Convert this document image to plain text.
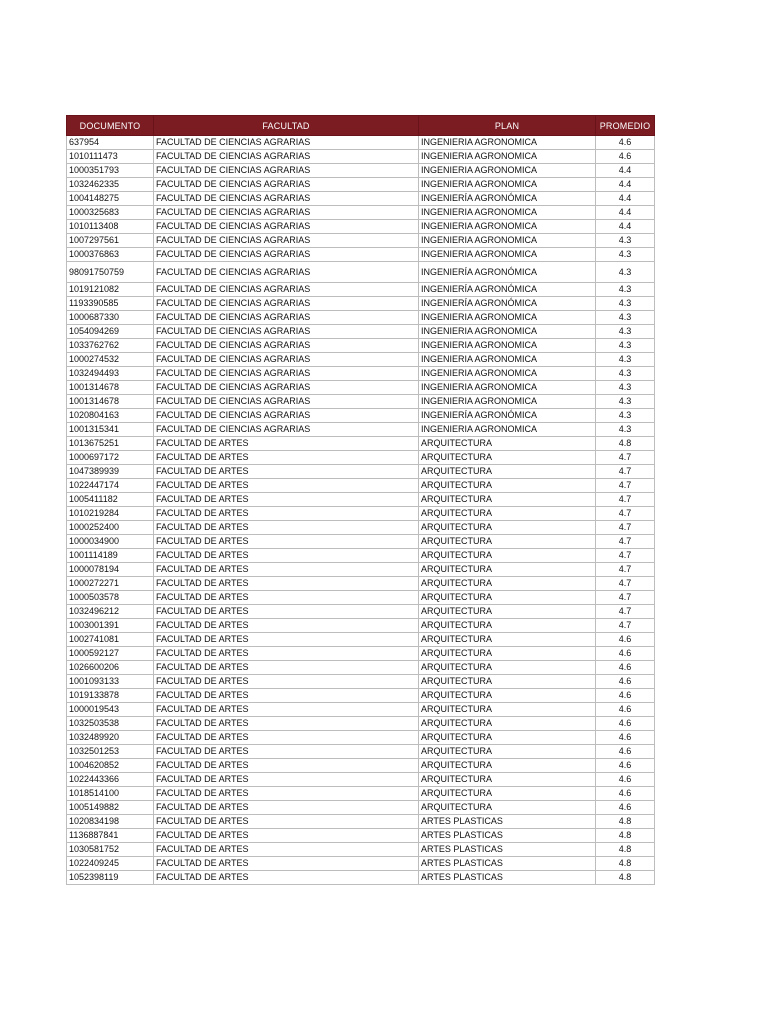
DOCUMENTO	FACULTAD	PLAN	PROMEDIO
637954	FACULTAD DE CIENCIAS AGRARIAS	INGENIERIA AGRONOMICA	4.6
1010111473	FACULTAD DE CIENCIAS AGRARIAS	INGENIERIA AGRONOMICA	4.6
1000351793	FACULTAD DE CIENCIAS AGRARIAS	INGENIERIA AGRONOMICA	4.4
1032462335	FACULTAD DE CIENCIAS AGRARIAS	INGENIERIA AGRONOMICA	4.4
1004148275	FACULTAD DE CIENCIAS AGRARIAS	INGENIERÍA AGRONÓMICA	4.4
1000325683	FACULTAD DE CIENCIAS AGRARIAS	INGENIERIA AGRONOMICA	4.4
1010113408	FACULTAD DE CIENCIAS AGRARIAS	INGENIERIA AGRONOMICA	4.4
1007297561	FACULTAD DE CIENCIAS AGRARIAS	INGENIERIA AGRONOMICA	4.3
1000376863	FACULTAD DE CIENCIAS AGRARIAS	INGENIERIA AGRONOMICA	4.3
98091750759	FACULTAD DE CIENCIAS AGRARIAS	INGENIERÍA AGRONÓMICA	4.3
1019121082	FACULTAD DE CIENCIAS AGRARIAS	INGENIERÍA AGRONÓMICA	4.3
1193390585	FACULTAD DE CIENCIAS AGRARIAS	INGENIERÍA AGRONÓMICA	4.3
1000687330	FACULTAD DE CIENCIAS AGRARIAS	INGENIERIA AGRONOMICA	4.3
1054094269	FACULTAD DE CIENCIAS AGRARIAS	INGENIERIA AGRONOMICA	4.3
1033762762	FACULTAD DE CIENCIAS AGRARIAS	INGENIERIA AGRONOMICA	4.3
1000274532	FACULTAD DE CIENCIAS AGRARIAS	INGENIERIA AGRONOMICA	4.3
1032494493	FACULTAD DE CIENCIAS AGRARIAS	INGENIERIA AGRONOMICA	4.3
1001314678	FACULTAD DE CIENCIAS AGRARIAS	INGENIERIA AGRONOMICA	4.3
1001314678	FACULTAD DE CIENCIAS AGRARIAS	INGENIERIA AGRONOMICA	4.3
1020804163	FACULTAD DE CIENCIAS AGRARIAS	INGENIERÍA AGRONÓMICA	4.3
1001315341	FACULTAD DE CIENCIAS AGRARIAS	INGENIERIA AGRONOMICA	4.3
1013675251	FACULTAD DE ARTES	ARQUITECTURA	4.8
1000697172	FACULTAD DE ARTES	ARQUITECTURA	4.7
1047389939	FACULTAD DE ARTES	ARQUITECTURA	4.7
1022447174	FACULTAD DE ARTES	ARQUITECTURA	4.7
1005411182	FACULTAD DE ARTES	ARQUITECTURA	4.7
1010219284	FACULTAD DE ARTES	ARQUITECTURA	4.7
1000252400	FACULTAD DE ARTES	ARQUITECTURA	4.7
1000034900	FACULTAD DE ARTES	ARQUITECTURA	4.7
1001114189	FACULTAD DE ARTES	ARQUITECTURA	4.7
1000078194	FACULTAD DE ARTES	ARQUITECTURA	4.7
1000272271	FACULTAD DE ARTES	ARQUITECTURA	4.7
1000503578	FACULTAD DE ARTES	ARQUITECTURA	4.7
1032496212	FACULTAD DE ARTES	ARQUITECTURA	4.7
1003001391	FACULTAD DE ARTES	ARQUITECTURA	4.7
1002741081	FACULTAD DE ARTES	ARQUITECTURA	4.6
1000592127	FACULTAD DE ARTES	ARQUITECTURA	4.6
1026600206	FACULTAD DE ARTES	ARQUITECTURA	4.6
1001093133	FACULTAD DE ARTES	ARQUITECTURA	4.6
1019133878	FACULTAD DE ARTES	ARQUITECTURA	4.6
1000019543	FACULTAD DE ARTES	ARQUITECTURA	4.6
1032503538	FACULTAD DE ARTES	ARQUITECTURA	4.6
1032489920	FACULTAD DE ARTES	ARQUITECTURA	4.6
1032501253	FACULTAD DE ARTES	ARQUITECTURA	4.6
1004620852	FACULTAD DE ARTES	ARQUITECTURA	4.6
1022443366	FACULTAD DE ARTES	ARQUITECTURA	4.6
1018514100	FACULTAD DE ARTES	ARQUITECTURA	4.6
1005149882	FACULTAD DE ARTES	ARQUITECTURA	4.6
1020834198	FACULTAD DE ARTES	ARTES PLASTICAS	4.8
1136887841	FACULTAD DE ARTES	ARTES PLASTICAS	4.8
1030581752	FACULTAD DE ARTES	ARTES PLASTICAS	4.8
1022409245	FACULTAD DE ARTES	ARTES PLASTICAS	4.8
1052398119	FACULTAD DE ARTES	ARTES PLASTICAS	4.8
